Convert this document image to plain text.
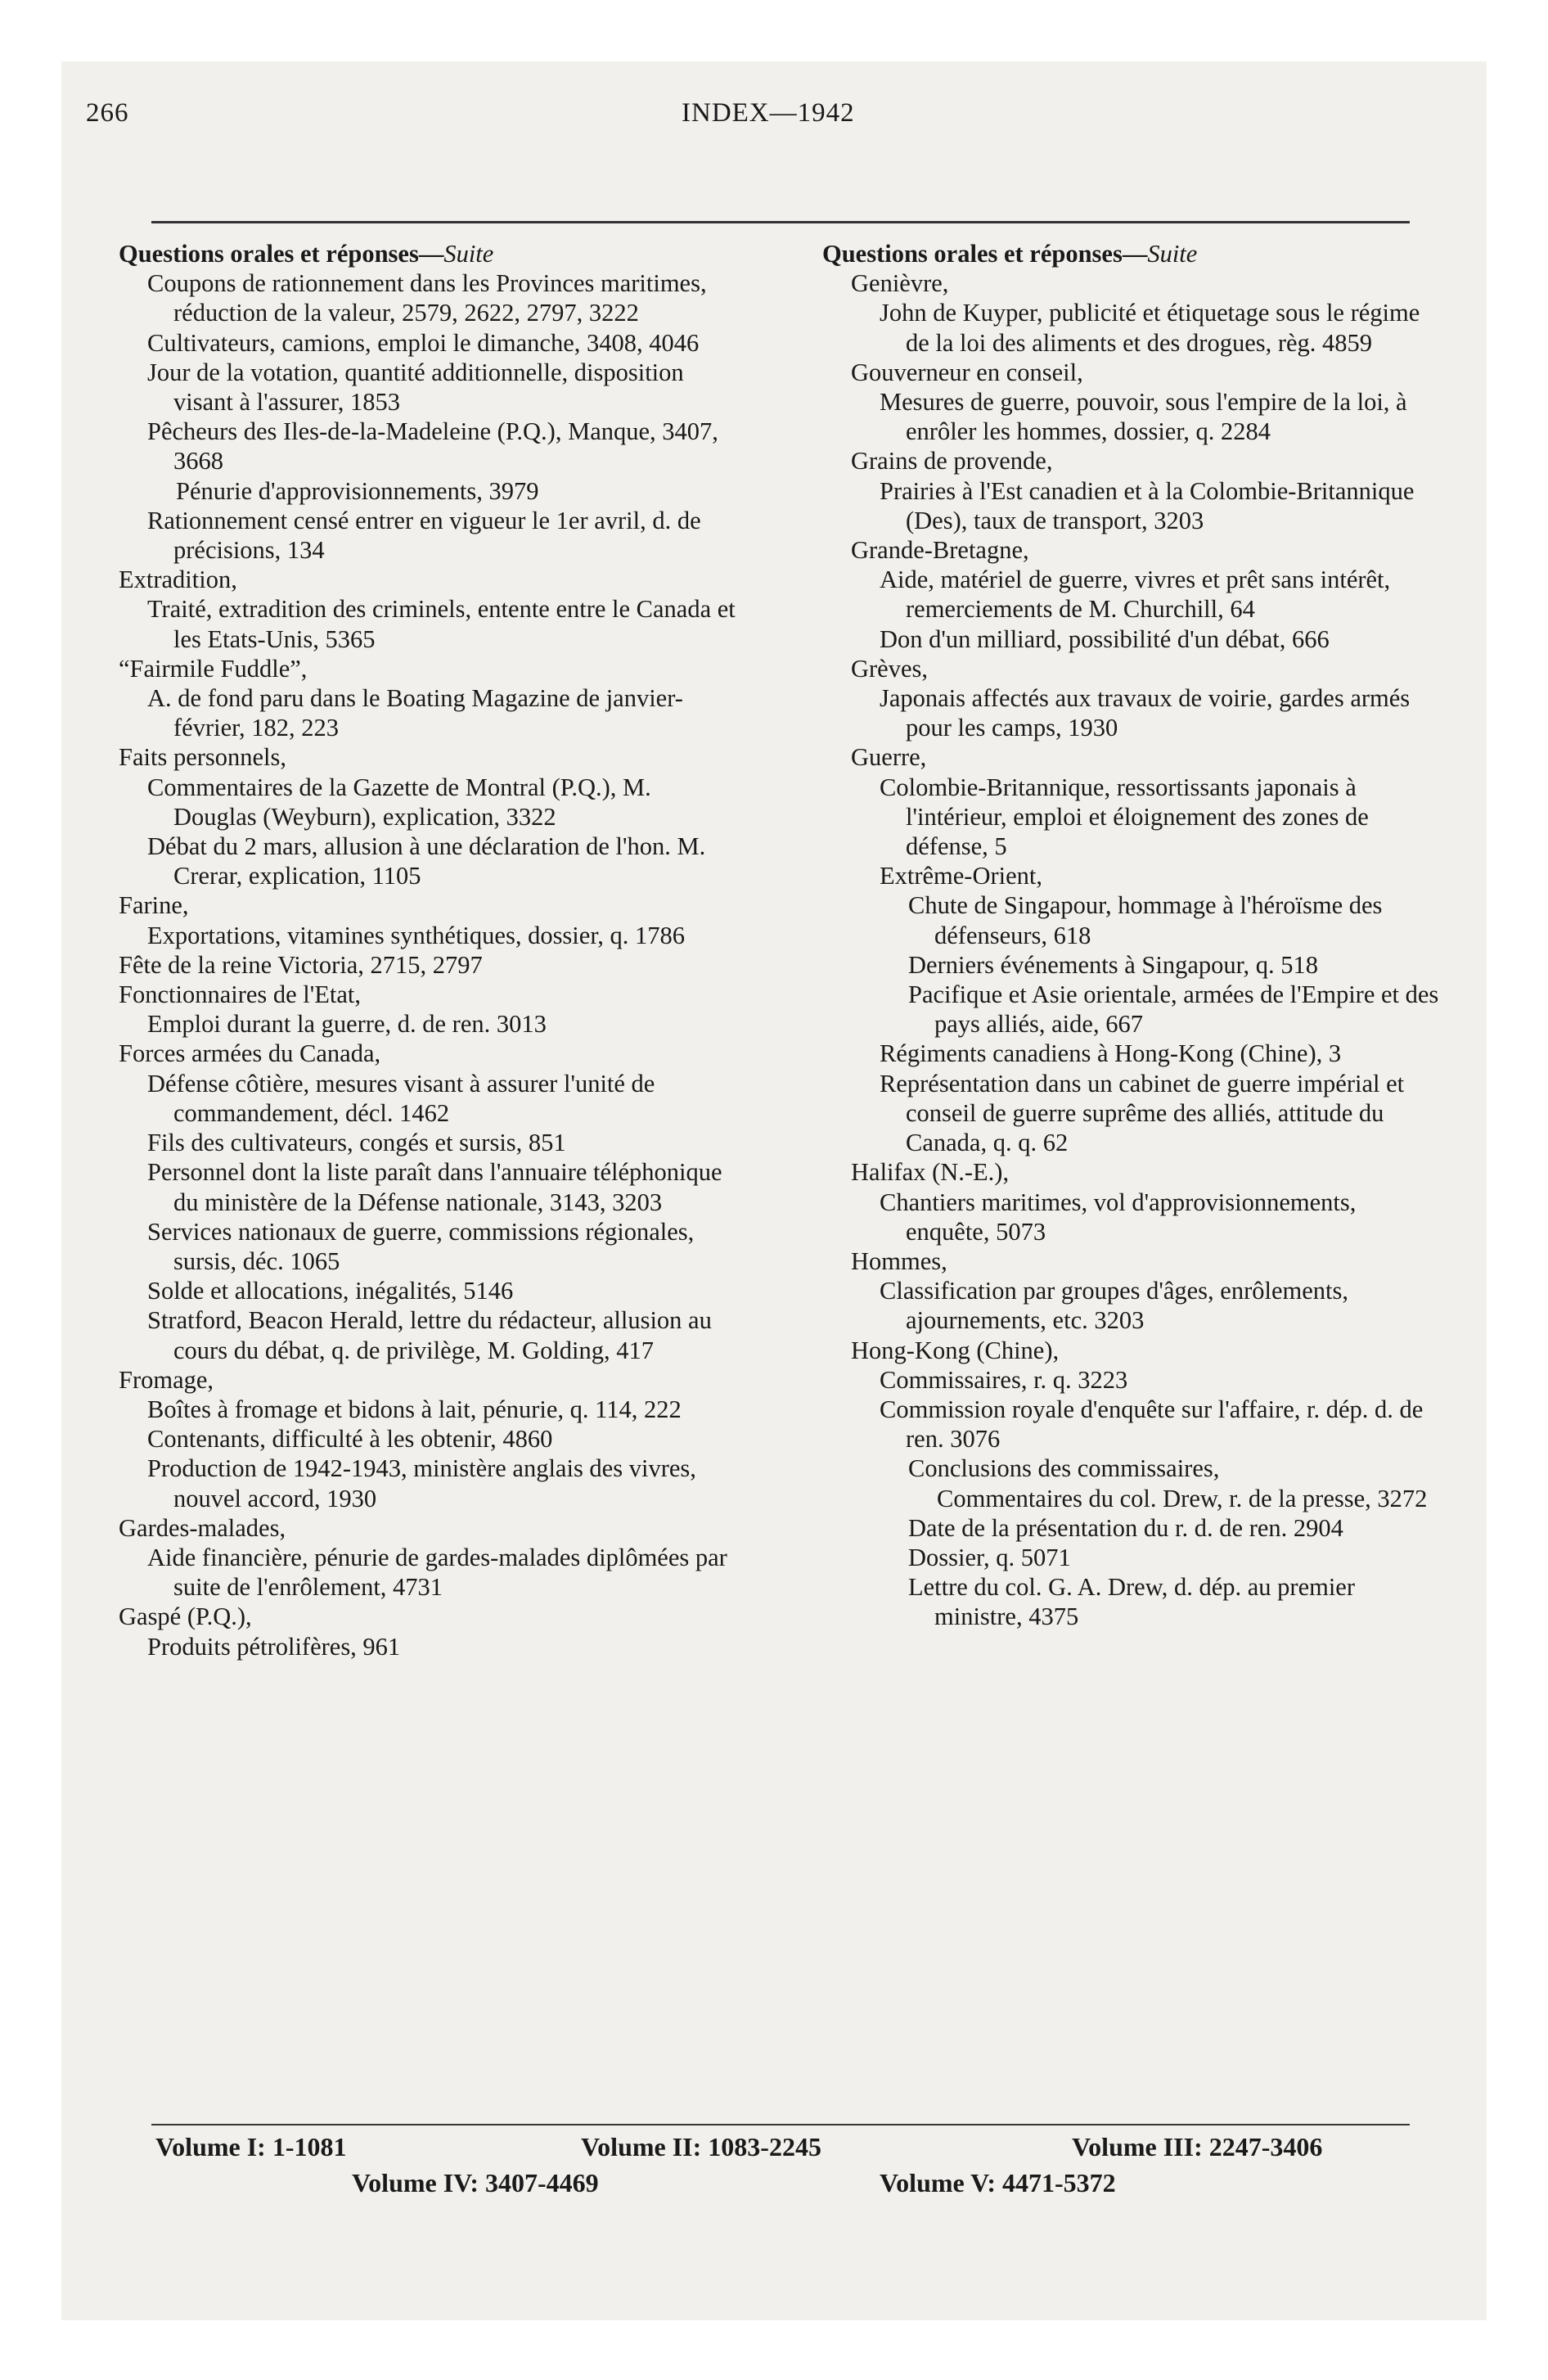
266	INDEX—1942

Questions orales et réponses—Suite

Coupons de rationnement dans les Provinces maritimes, réduction de la valeur, 2579, 2622, 2797, 3222

Cultivateurs, camions, emploi le dimanche, 3408, 4046

Jour de la votation, quantité additionnelle, disposition visant à l'assurer, 1853

Pêcheurs des Iles-de-la-Madeleine (P.Q.), Manque, 3407, 3668

Pénurie d'approvisionnements, 3979

Rationnement censé entrer en vigueur le 1er avril, d. de précisions, 134

Extradition,

Traité, extradition des criminels, entente entre le Canada et les Etats-Unis, 5365

“Fairmile Fuddle”,

A. de fond paru dans le Boating Magazine de janvier-février, 182, 223

Faits personnels,

Commentaires de la Gazette de Montral (P.Q.), M. Douglas (Weyburn), explication, 3322

Débat du 2 mars, allusion à une déclaration de l'hon. M. Crerar, explication, 1105

Farine,

Exportations, vitamines synthétiques, dossier, q. 1786

Fête de la reine Victoria, 2715, 2797

Fonctionnaires de l'Etat,

Emploi durant la guerre, d. de ren. 3013

Forces armées du Canada,

Défense côtière, mesures visant à assurer l'unité de commandement, décl. 1462

Fils des cultivateurs, congés et sursis, 851

Personnel dont la liste paraît dans l'annuaire téléphonique du ministère de la Défense nationale, 3143, 3203

Services nationaux de guerre, commissions régionales, sursis, déc. 1065

Solde et allocations, inégalités, 5146

Stratford, Beacon Herald, lettre du rédacteur, allusion au cours du débat, q. de privilège, M. Golding, 417

Fromage,

Boîtes à fromage et bidons à lait, pénurie, q. 114, 222

Contenants, difficulté à les obtenir, 4860

Production de 1942-1943, ministère anglais des vivres, nouvel accord, 1930

Gardes-malades,

Aide financière, pénurie de gardes-malades diplômées par suite de l'enrôlement, 4731

Gaspé (P.Q.),

Produits pétrolifères, 961

Questions orales et réponses—Suite

Genièvre,

John de Kuyper, publicité et étiquetage sous le régime de la loi des aliments et des drogues, règ. 4859

Gouverneur en conseil,

Mesures de guerre, pouvoir, sous l'empire de la loi, à enrôler les hommes, dossier, q. 2284

Grains de provende,

Prairies à l'Est canadien et à la Colombie-Britannique (Des), taux de transport, 3203

Grande-Bretagne,

Aide, matériel de guerre, vivres et prêt sans intérêt, remerciements de M. Churchill, 64

Don d'un milliard, possibilité d'un débat, 666

Grèves,

Japonais affectés aux travaux de voirie, gardes armés pour les camps, 1930

Guerre,

Colombie-Britannique, ressortissants japonais à l'intérieur, emploi et éloignement des zones de défense, 5

Extrême-Orient,

Chute de Singapour, hommage à l'héroïsme des défenseurs, 618

Derniers événements à Singapour, q. 518

Pacifique et Asie orientale, armées de l'Empire et des pays alliés, aide, 667

Régiments canadiens à Hong-Kong (Chine), 3

Représentation dans un cabinet de guerre impérial et conseil de guerre suprême des alliés, attitude du Canada, q. q. 62

Halifax (N.-E.),

Chantiers maritimes, vol d'approvisionnements, enquête, 5073

Hommes,

Classification par groupes d'âges, enrôlements, ajournements, etc. 3203

Hong-Kong (Chine),

Commissaires, r. q. 3223

Commission royale d'enquête sur l'affaire, r. dép. d. de ren. 3076

Conclusions des commissaires,

Commentaires du col. Drew, r. de la presse, 3272

Date de la présentation du r. d. de ren. 2904

Dossier, q. 5071

Lettre du col. G. A. Drew, d. dép. au premier ministre, 4375

Volume I: 1-1081	Volume II: 1083-2245	Volume III: 2247-3406
Volume IV: 3407-4469	Volume V: 4471-5372
